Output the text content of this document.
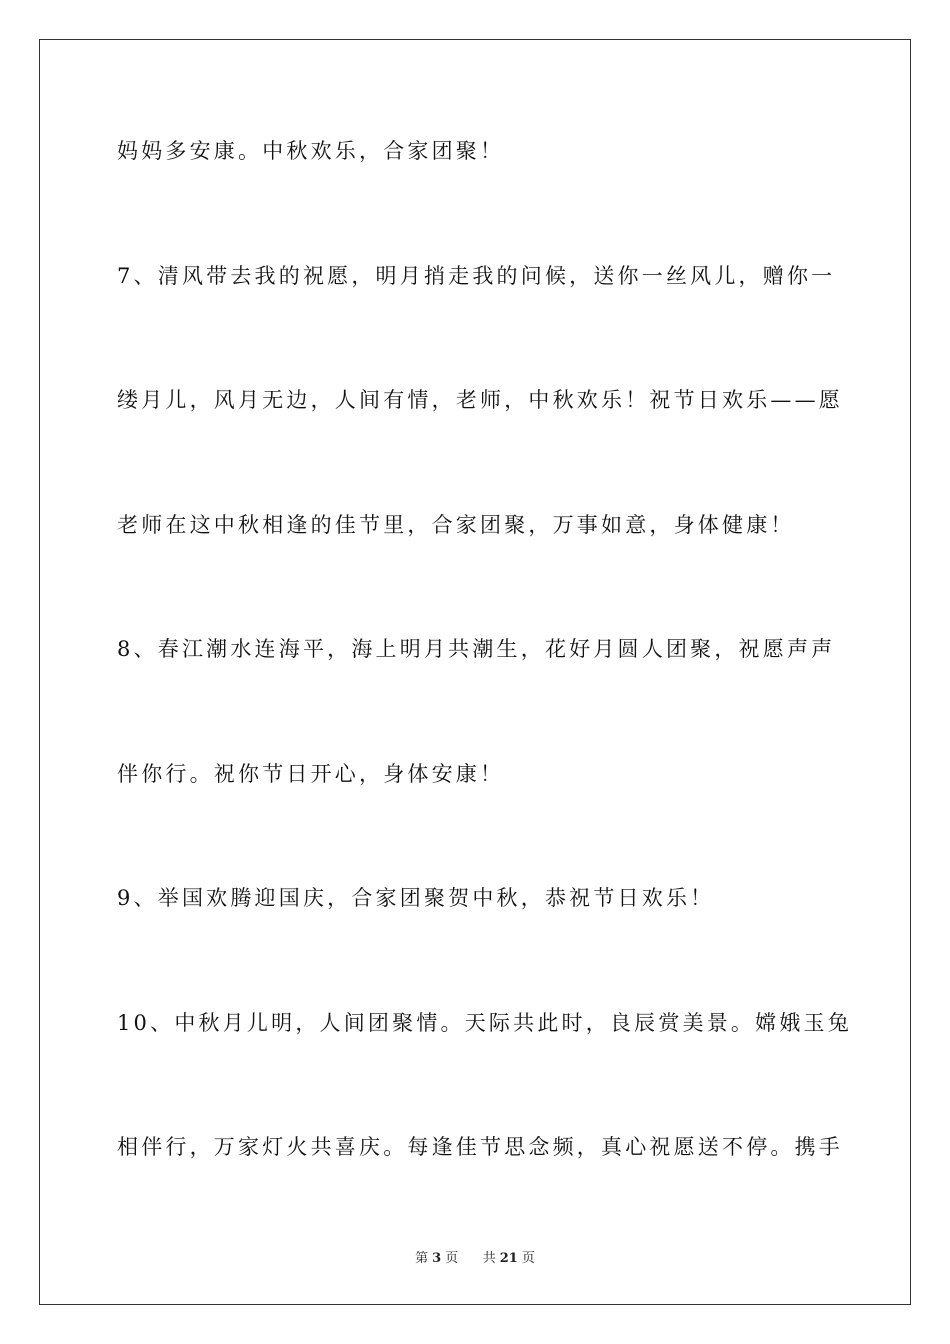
妈妈多安康。中秋欢乐，合家团聚！
7、清风带去我的祝愿，明月捎走我的问候，送你一丝风儿，赠你一
缕月儿，风月无边，人间有情，老师，中秋欢乐！祝节日欢乐——愿
老师在这中秋相逢的佳节里，合家团聚，万事如意，身体健康！
8、春江潮水连海平，海上明月共潮生，花好月圆人团聚，祝愿声声
伴你行。祝你节日开心，身体安康！
9、举国欢腾迎国庆，合家团聚贺中秋，恭祝节日欢乐！
10、中秋月儿明，人间团聚情。天际共此时，良辰赏美景。嫦娥玉兔
相伴行，万家灯火共喜庆。每逢佳节思念频，真心祝愿送不停。携手
第 3 页 共 21 页
